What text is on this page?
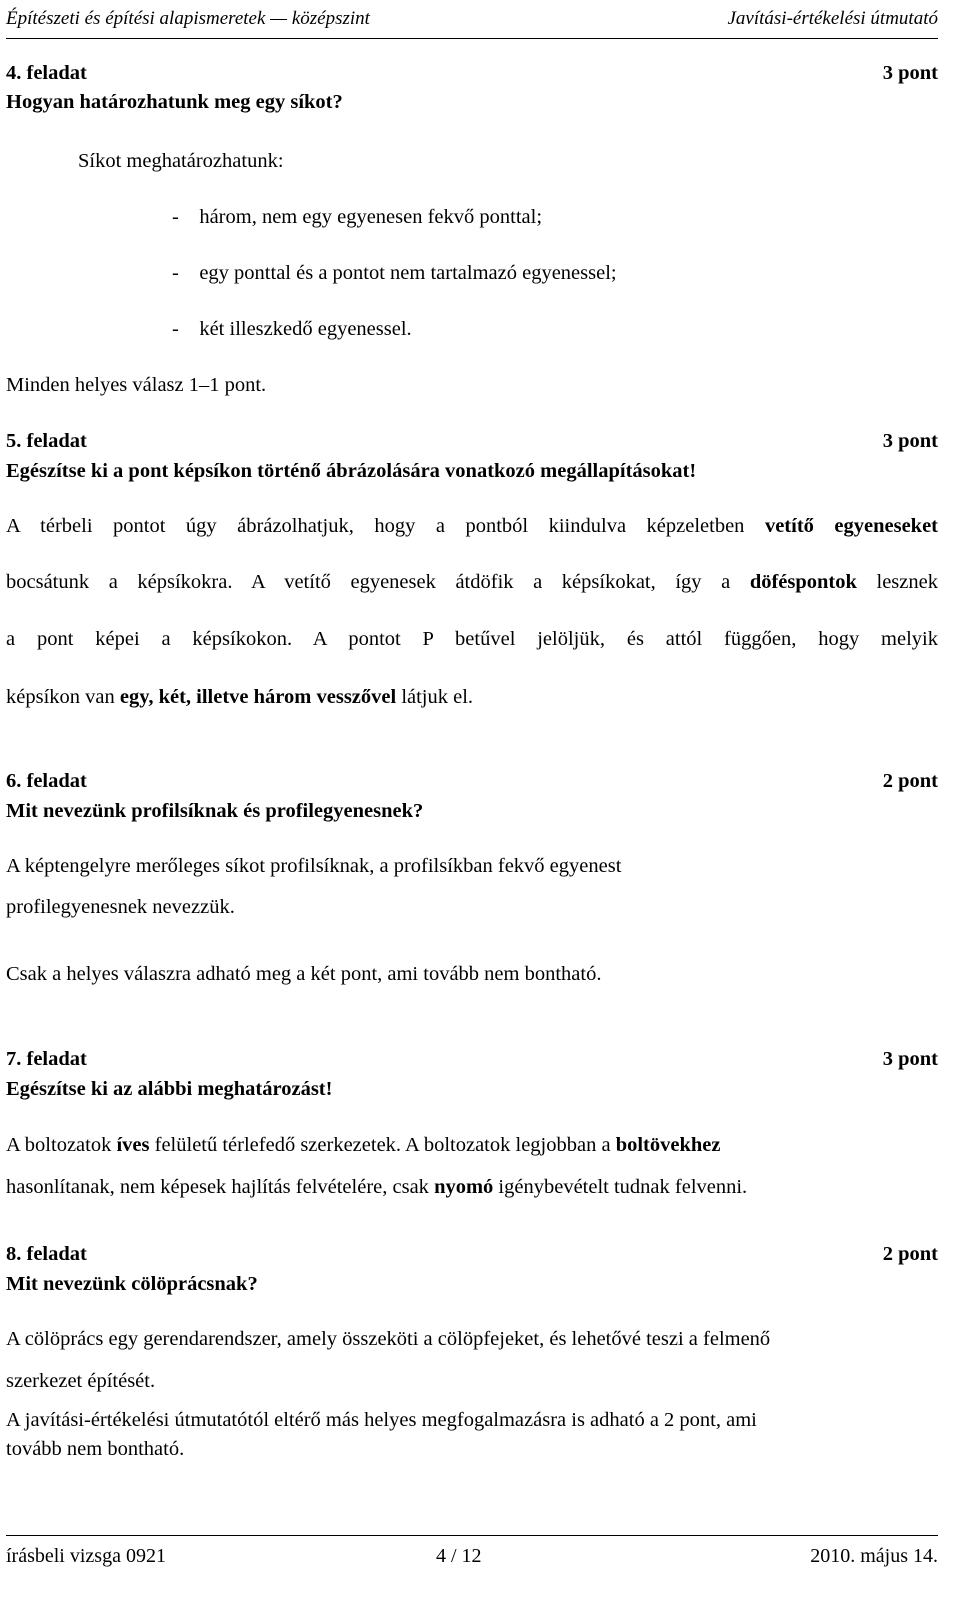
Építészeti és építési alapismeretek — középszint	Javítási-értékelési útmutató
4. feladat	3 pont
Hogyan határozhatunk meg egy síkot?
Síkot meghatározhatunk:
-    három, nem egy egyenesen fekvő ponttal;
-    egy ponttal és a pontot nem tartalmazó egyenessel;
-    két illeszkedő egyenessel.
Minden helyes válasz 1–1 pont.
5. feladat	3 pont
Egészítse ki a pont képsíkon történő ábrázolására vonatkozó megállapításokat!
A térbeli pontot úgy ábrázolhatjuk, hogy a pontból kiindulva képzeletben vetítő egyeneseket
bocsátunk a képsíkokra. A vetítő egyenesek átdöfik a képsíkokat, így a döféspontok lesznek
a pont képei a képsíkokon. A pontot P betűvel jelöljük, és attól függően, hogy melyik
képsíkon van egy, két, illetve három vesszővel látjuk el.
6. feladat	2 pont
Mit nevezünk profilsíknak és profilegyenesnek?
A képtengelyre merőleges síkot profilsíknak, a profilsíkban fekvő egyenest
profilegyenesnek nevezzük.
Csak a helyes válaszra adható meg a két pont, ami tovább nem bontható.
7. feladat	3 pont
Egészítse ki az alábbi meghatározást!
A boltozatok íves felületű térlefedő szerkezetek. A boltozatok legjobban a boltövekhez
hasonlítanak, nem képesek hajlítás felvételére, csak nyomó igénybevételt tudnak felvenni.
8. feladat	2 pont
Mit nevezünk cölöprácsnak?
A cölöprács egy gerendarendszer, amely összeköti a cölöpfejeket, és lehetővé teszi a felmenő
szerkezet építését.
A javítási-értékelési útmutatótól eltérő más helyes megfogalmazásra is adható a 2 pont, ami
tovább nem bontható.
írásbeli vizsga 0921	4 / 12	2010. május 14.
